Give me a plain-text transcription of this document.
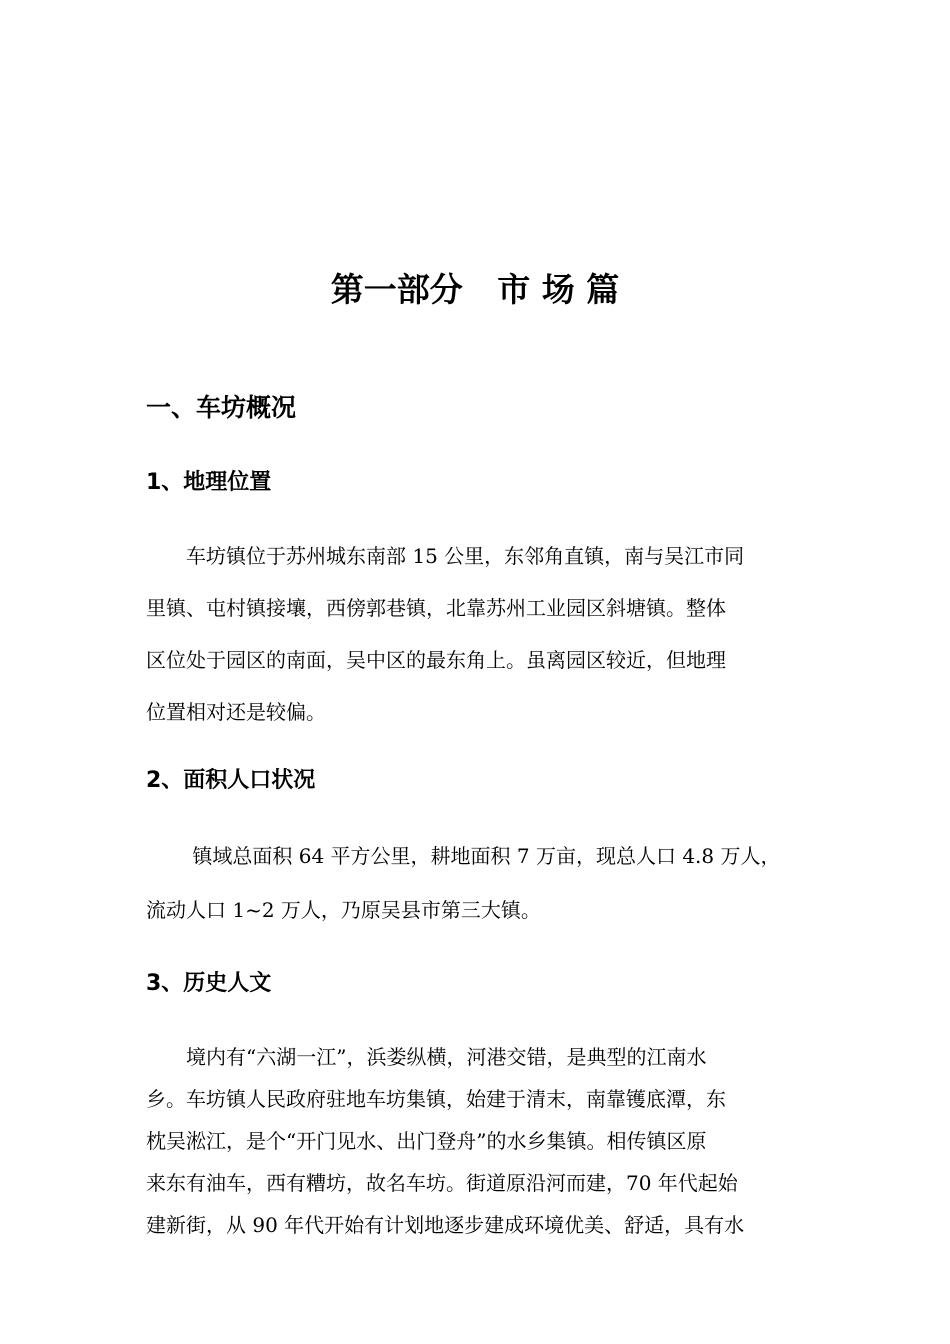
第一部分   市 场 篇
一、车坊概况
1、地理位置
　　车坊镇位于苏州城东南部 15 公里，东邻角直镇，南与吴江市同
里镇、屯村镇接壤，西傍郭巷镇，北靠苏州工业园区斜塘镇。整体
区位处于园区的南面，吴中区的最东角上。虽离园区较近，但地理
位置相对还是较偏。
2、面积人口状况
　　 镇域总面积 64 平方公里，耕地面积 7 万亩，现总人口 4.8 万人，
流动人口 1~2 万人，乃原吴县市第三大镇。
3、历史人文
　　境内有“六湖一江”，浜娄纵横，河港交错，是典型的江南水
乡。车坊镇人民政府驻地车坊集镇，始建于清末，南靠镬底潭，东
枕吴淞江，是个“开门见水、出门登舟”的水乡集镇。相传镇区原
来东有油车，西有糟坊，故名车坊。街道原沿河而建，70 年代起始
建新街，从 90 年代开始有计划地逐步建成环境优美、舒适，具有水
